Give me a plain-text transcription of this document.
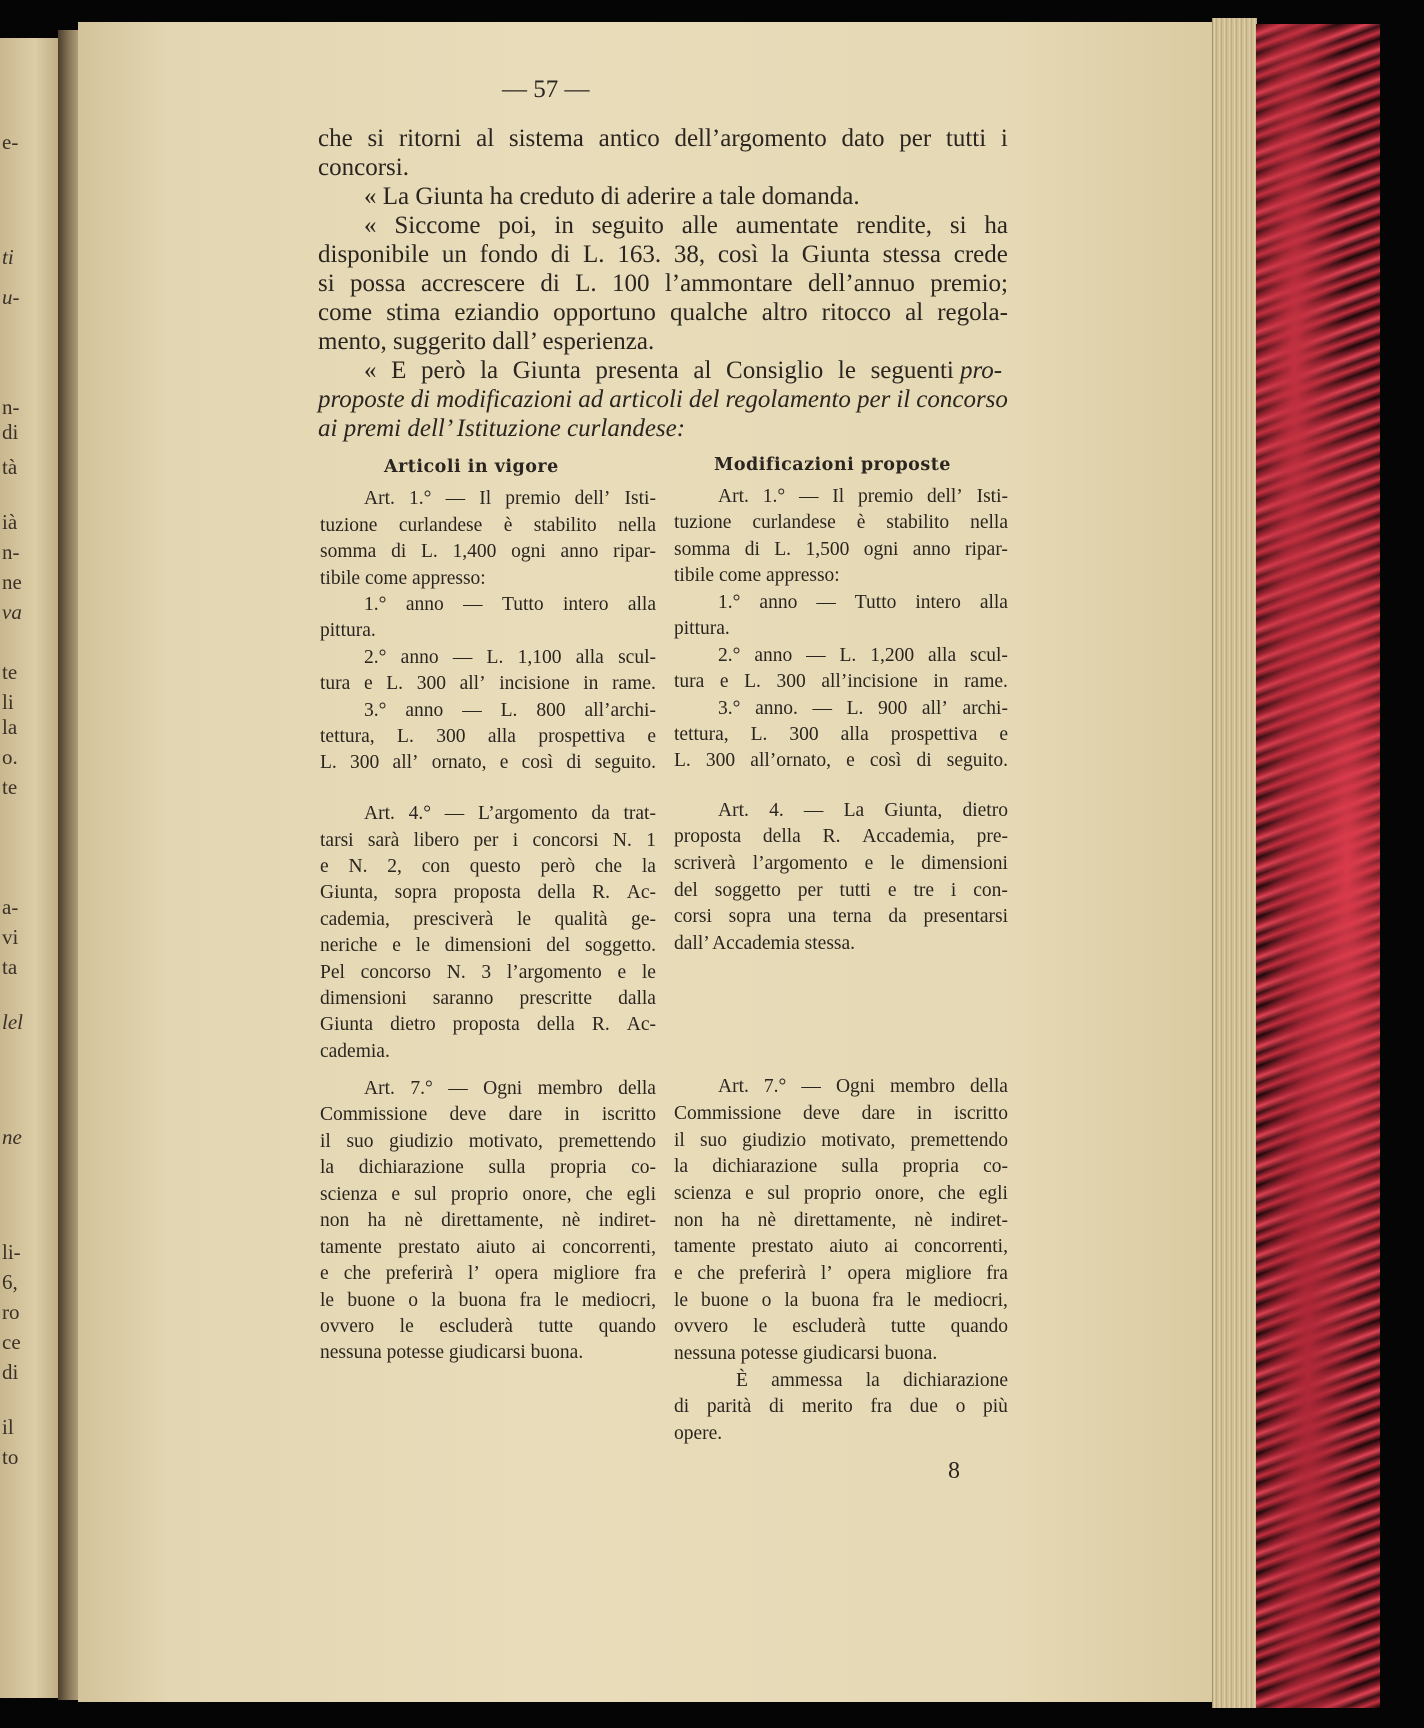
e-
ti
u-
n-
di
tà
ià
n-
ne
va
te
li
la
o.
te
a-
vi
ta
lel
ne
li-
6,
ro
ce
di
il
to
— 57 —
che si ritorni al sistema antico dell’argomento dato per tutti i
concorsi.
« La Giunta ha creduto di aderire a tale domanda.
« Siccome poi, in seguito alle aumentate rendite, si ha
disponibile un fondo di L. 163. 38, così la Giunta stessa crede
si possa accrescere di L. 100 l’ammontare dell’annuo premio;
come stima eziandio opportuno qualche altro ritocco al regola-
mento, suggerito dall’ esperienza.
« E però la Giunta presenta al Consiglio le seguenti
proposte di modificazioni ad articoli del regolamento per il concorso
ai premi dell’ Istituzione curlandese:
pro-
Articoli in vigore	Modificazioni proposte
Art. 1.° — Il premio dell’ Isti-
tuzione curlandese è stabilito nella
somma di L. 1,400 ogni anno ripar-
tibile come appresso:
1.° anno — Tutto intero alla
pittura.
2.° anno — L. 1,100 alla scul-
tura e L. 300 all’ incisione in rame.
3.° anno — L. 800 all’archi-
tettura, L. 300 alla prospettiva e
L. 300 all’ ornato, e così di seguito.
Art. 4.° — L’argomento da trat-
tarsi sarà libero per i concorsi N. 1
e N. 2, con questo però che la
Giunta, sopra proposta della R. Ac-
cademia, presciverà le qualità ge-
neriche e le dimensioni del soggetto.
Pel concorso N. 3 l’argomento e le
dimensioni saranno prescritte dalla
Giunta dietro proposta della R. Ac-
cademia.
Art. 7.° — Ogni membro della
Commissione deve dare in iscritto
il suo giudizio motivato, premettendo
la dichiarazione sulla propria co-
scienza e sul proprio onore, che egli
non ha nè direttamente, nè indiret-
tamente prestato aiuto ai concorrenti,
e che preferirà l’ opera migliore fra
le buone o la buona fra le mediocri,
ovvero le escluderà tutte quando
nessuna potesse giudicarsi buona.
Art. 1.° — Il premio dell’ Isti-
tuzione curlandese è stabilito nella
somma di L. 1,500 ogni anno ripar-
tibile come appresso:
1.° anno — Tutto intero alla
pittura.
2.° anno — L. 1,200 alla scul-
tura e L. 300 all’incisione in rame.
3.° anno. — L. 900 all’ archi-
tettura, L. 300 alla prospettiva e
L. 300 all’ornato, e così di seguito.
Art. 4. — La Giunta, dietro
proposta della R. Accademia, pre-
scriverà l’argomento e le dimensioni
del soggetto per tutti e tre i con-
corsi sopra una terna da presentarsi
dall’ Accademia stessa.
Art. 7.° — Ogni membro della
Commissione deve dare in iscritto
il suo giudizio motivato, premettendo
la dichiarazione sulla propria co-
scienza e sul proprio onore, che egli
non ha nè direttamente, nè indiret-
tamente prestato aiuto ai concorrenti,
e che preferirà l’ opera migliore fra
le buone o la buona fra le mediocri,
ovvero le escluderà tutte quando
nessuna potesse giudicarsi buona.
È ammessa la dichiarazione
di parità di merito fra due o più
opere.
8
